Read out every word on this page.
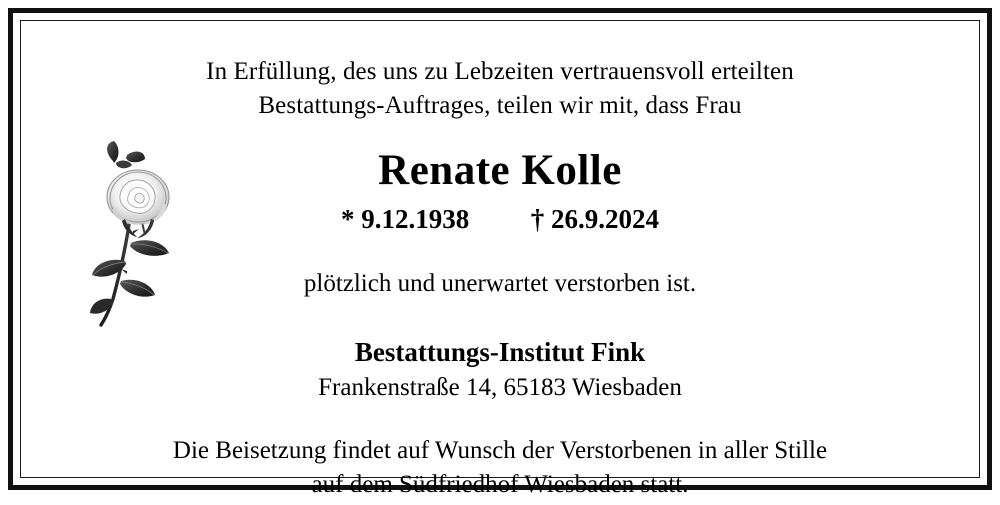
In Erfüllung, des uns zu Lebzeiten vertrauensvoll erteilten
Bestattungs-Auftrages, teilen wir mit, dass Frau
Renate Kolle
* 9.12.1938 † 26.9.2024
plötzlich und unerwartet verstorben ist.
Bestattungs-Institut Fink
Frankenstraße 14, 65183 Wiesbaden
Die Beisetzung findet auf Wunsch der Verstorbenen in aller Stille
auf dem Südfriedhof Wiesbaden statt.
